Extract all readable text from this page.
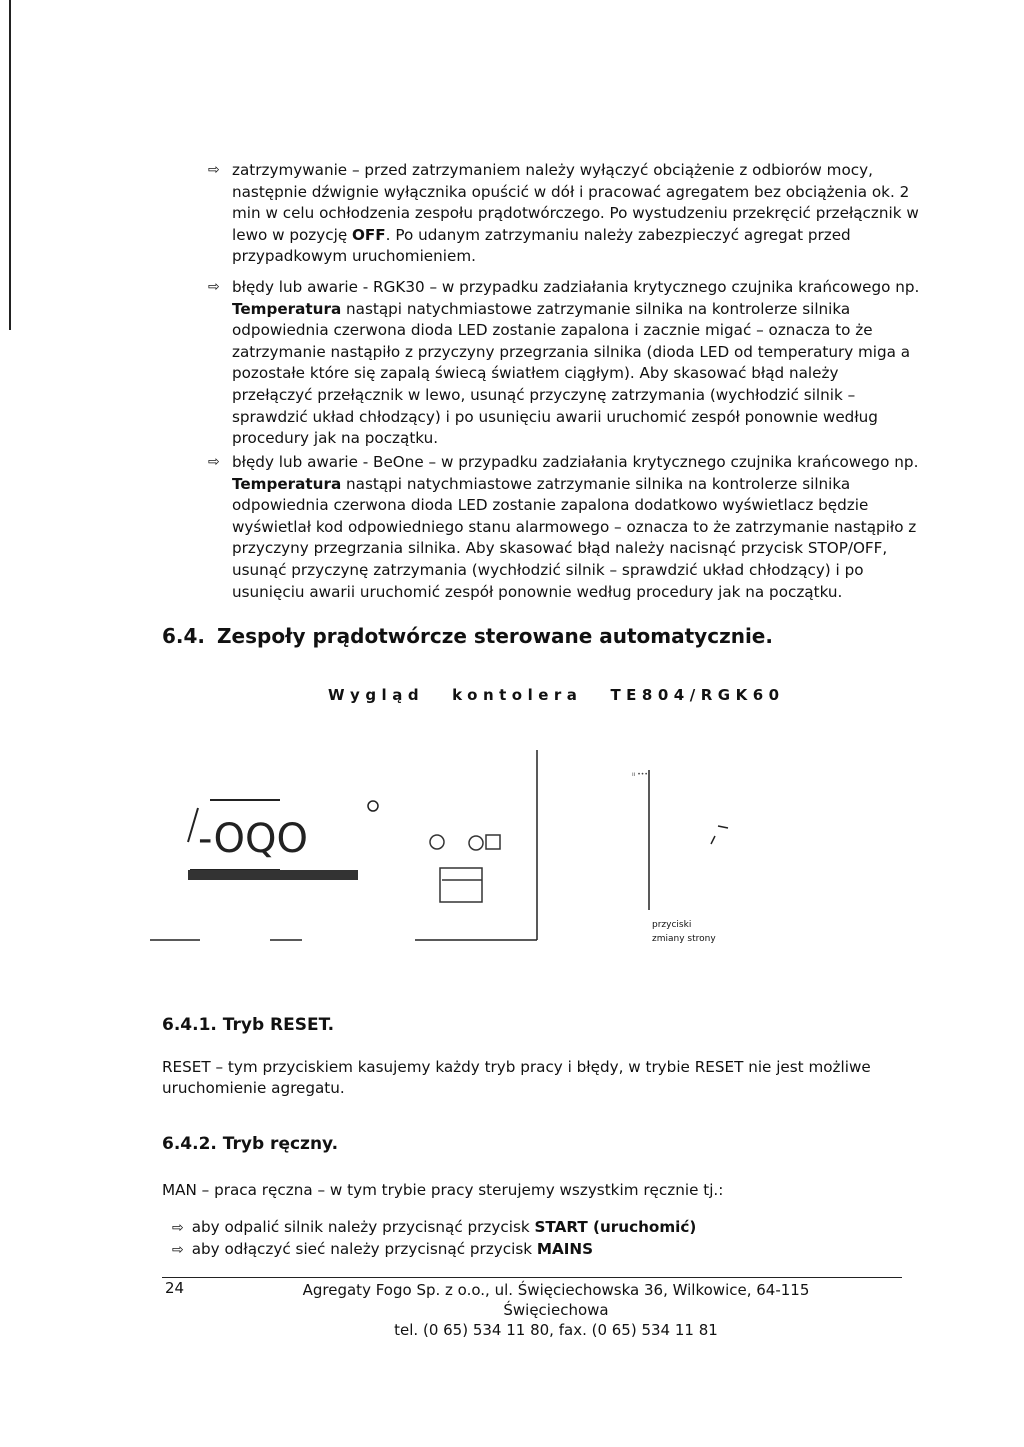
⇨ zatrzymywanie – przed zatrzymaniem należy wyłączyć obciążenie z odbiorów mocy, następnie dźwignie wyłącznika opuścić w dół i pracować agregatem bez obciążenia ok. 2 min w celu ochłodzenia zespołu prądotwórczego. Po wystudzeniu przekręcić przełącznik w lewo w pozycję OFF. Po udanym zatrzymaniu należy zabezpieczyć agregat przed przypadkowym uruchomieniem.
⇨ błędy lub awarie - RGK30 – w przypadku zadziałania krytycznego czujnika krańcowego np. Temperatura nastąpi natychmiastowe zatrzymanie silnika na kontrolerze silnika odpowiednia czerwona dioda LED zostanie zapalona i zacznie migać – oznacza to że zatrzymanie nastąpiło z przyczyny przegrzania silnika (dioda LED od temperatury miga a pozostałe które się zapalą świecą światłem ciągłym). Aby skasować błąd należy przełączyć przełącznik w lewo, usunąć przyczynę zatrzymania (wychłodzić silnik – sprawdzić układ chłodzący) i po usunięciu awarii uruchomić zespół ponownie według procedury jak na początku.
⇨ błędy lub awarie - BeOne – w przypadku zadziałania krytycznego czujnika krańcowego np. Temperatura nastąpi natychmiastowe zatrzymanie silnika na kontrolerze silnika odpowiednia czerwona dioda LED zostanie zapalona dodatkowo wyświetlacz będzie wyświetlał kod odpowiedniego stanu alarmowego – oznacza to że zatrzymanie nastąpiło z przyczyny przegrzania silnika. Aby skasować błąd należy nacisnąć przycisk STOP/OFF, usunąć przyczynę zatrzymania (wychłodzić silnik – sprawdzić układ chłodzący) i po usunięciu awarii uruchomić zespół ponownie według procedury jak na początku.
6.4. Zespoły prądotwórcze sterowane automatycznie.
Wygląd kontolera TE804/RGK60
-OQO
ıı •••
przyciski
zmiany strony
6.4.1. Tryb RESET.
RESET – tym przyciskiem kasujemy każdy tryb pracy i błędy, w trybie RESET nie jest możliwe uruchomienie agregatu.
6.4.2. Tryb ręczny.
MAN – praca ręczna – w tym trybie pracy sterujemy wszystkim ręcznie tj.:
⇨ aby odpalić silnik należy przycisnąć przycisk START (uruchomić)
⇨ aby odłączyć sieć należy przycisnąć przycisk MAINS
24	Agregaty Fogo Sp. z o.o., ul. Święciechowska 36, Wilkowice, 64-115 Święciechowa
tel. (0 65) 534 11 80, fax. (0 65) 534 11 81
